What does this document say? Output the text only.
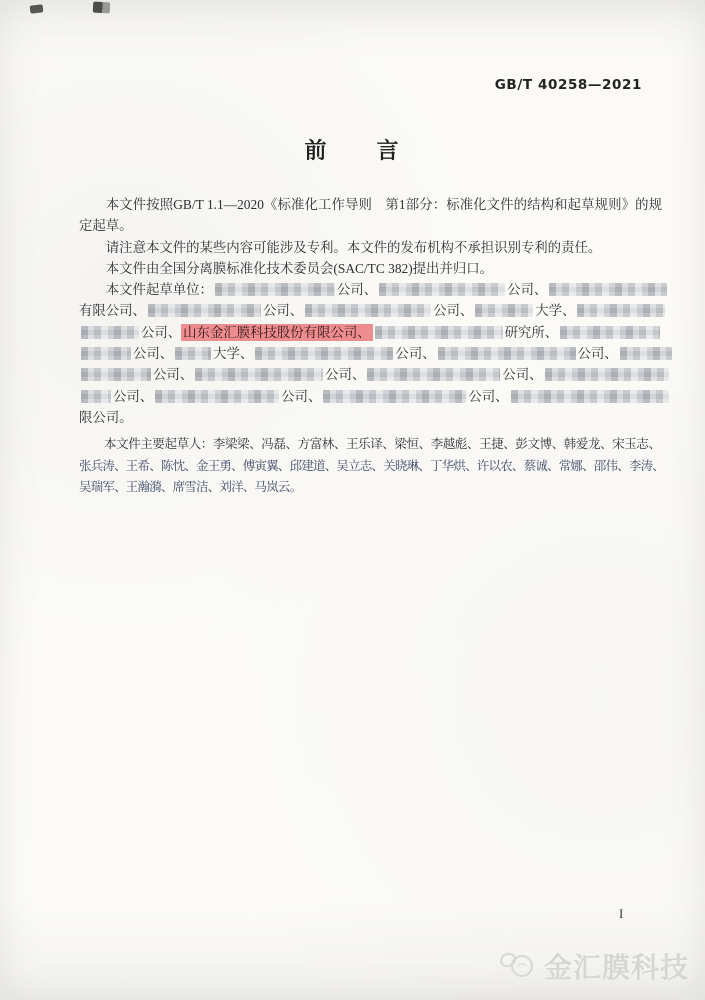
GB/T 40258—2021
前　　言

本文件按照GB/T 1.1—2020《标准化工作导则　第1部分：标准化文件的结构和起草规则》的规定起草。

请注意本文件的某些内容可能涉及专利。本文件的发布机构不承担识别专利的责任。

本文件由全国分离膜标准化技术委员会(SAC/TC 382)提出并归口。

本文件起草单位：	公司、	公司、
有限公司、	公司、	公司、	大学、
公司、 山东金汇膜科技股份有限公司、	研究所、
公司、	大学、	公司、	公司、
公司、	公司、	公司、
公司、	公司、	公司、
限公司。
本文件主要起草人：李梁梁、冯磊、方富林、王乐译、梁恒、李越彪、王捷、彭文博、韩爱龙、宋玉志、
张兵涛、王希、陈忱、金王勇、傅寅翼、邱建道、吴立志、关晓琳、丁华烘、许以农、蔡诚、常娜、邵伟、李涛、
吴瑞军、王瀚漪、席雪洁、刘洋、马岚云。
I
金汇膜科技
